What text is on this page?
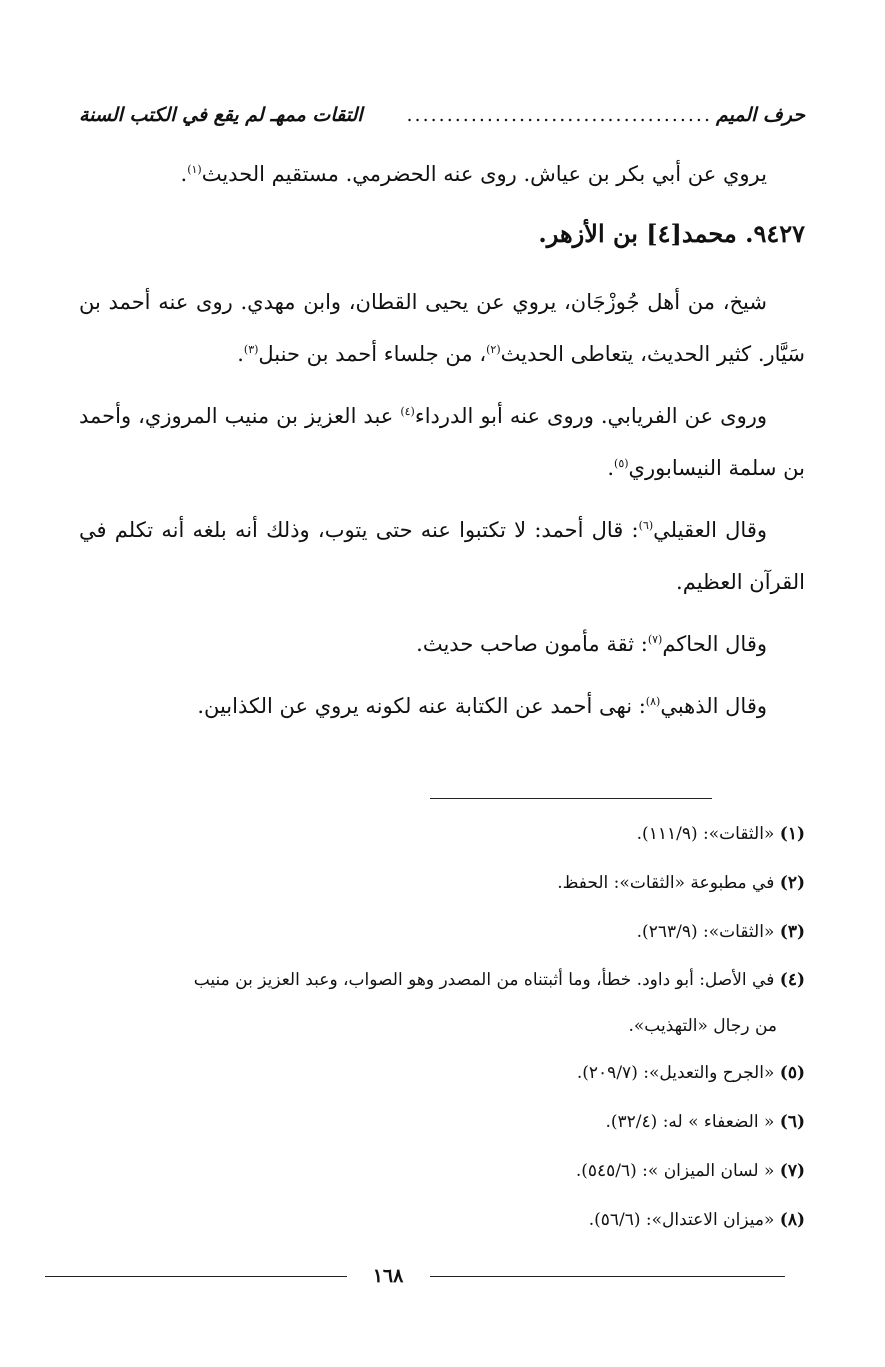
حرف الميم
......................................
التقات ممهـ لم يقع في الكتب السنة

يروي عن أبي بكر بن عياش. روى عنه الحضرمي. مستقيم الحديث$^{(١)}$.

٩٤٢٧. محمد[٤] بن الأزهر.

شيخ، من أهل جُوزْجَان، يروي عن يحيى القطان، وابن مهدي. روى عنه أحمد بن سَيَّار. كثير الحديث، يتعاطى الحديث$^{(٢)}$، من جلساء أحمد بن حنبل$^{(٣)}$.

وروى عن الفريابي. وروى عنه أبو الدرداء$^{(٤)}$ عبد العزيز بن منيب المروزي، وأحمد بن سلمة النيسابوري$^{(٥)}$.

وقال العقيلي$^{(٦)}$: قال أحمد: لا تكتبوا عنه حتى يتوب، وذلك أنه بلغه أنه تكلم في القرآن العظيم.

وقال الحاكم$^{(٧)}$: ثقة مأمون صاحب حديث.

وقال الذهبي$^{(٨)}$: نهى أحمد عن الكتابة عنه لكونه يروي عن الكذابين.

(١) «الثقات»: (١١١/٩).

(٢) في مطبوعة «الثقات»: الحفظ.

(٣) «الثقات»: (٢٦٣/٩).

(٤) في الأصل: أبو داود. خطأ، وما أثبتناه من المصدر وهو الصواب، وعبد العزيز بن منيب
من رجال «التهذيب».

(٥) «الجرح والتعديل»: (٢٠٩/٧).

(٦) « الضعفاء » له: (٣٢/٤).

(٧) « لسان الميزان »: (٥٤٥/٦).

(٨) «ميزان الاعتدال»: (٥٦/٦).

١٦٨
